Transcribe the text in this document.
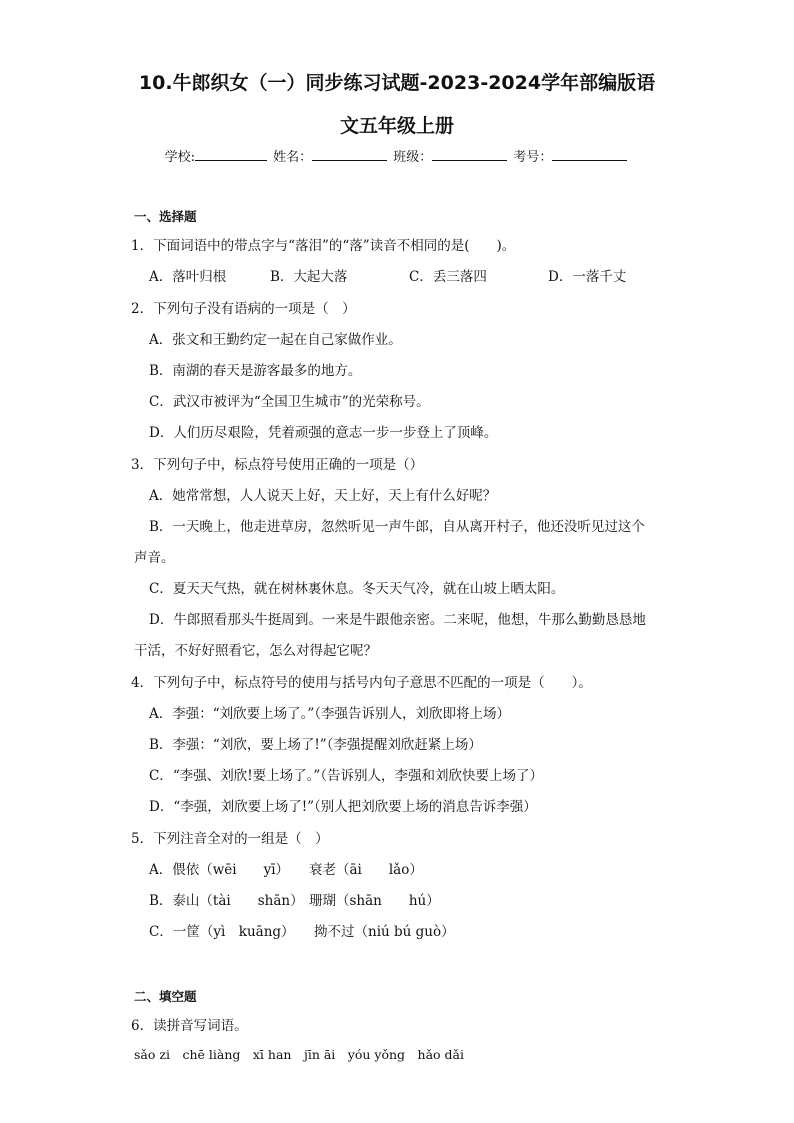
10.牛郎织女（一）同步练习试题-2023-2024学年部编版语
文五年级上册
学校:	姓名：	班级：	考号：
一、选择题
1．下面词语中的带点字与“落泪”的“落”读音不相同的是(　　)。
A．落叶归根	B．大起大落	C．丢三落四	D．一落千丈
2．下列句子没有语病的一项是（　）
A．张文和王勤约定一起在自己家做作业。
B．南湖的春天是游客最多的地方。
C．武汉市被评为“全国卫生城市”的光荣称号。
D．人们历尽艰险，凭着顽强的意志一步一步登上了顶峰。
3．下列句子中，标点符号使用正确的一项是（）
A．她常常想，人人说天上好，天上好，天上有什么好呢？
B．一天晚上，他走进草房，忽然听见一声牛郎，自从离开村子，他还没听见过这个
声音。
C．夏天天气热，就在树林裏休息。冬天天气冷，就在山坡上晒太阳。
D．牛郎照看那头牛挺周到。一来是牛跟他亲密。二来呢，他想，牛那么勤勤恳恳地
干活，不好好照看它，怎么对得起它呢？
4．下列句子中，标点符号的使用与括号内句子意思不匹配的一项是（　　）。
A．李强：“刘欣要上场了。”（李强告诉别人，刘欣即将上场）
B．李强：“刘欣，要上场了!”（李强提醒刘欣赶紧上场）
C．“李强、刘欣!要上场了。”（告诉别人，李强和刘欣快要上场了）
D．“李强，刘欣要上场了!”（别人把刘欣要上场的消息告诉李强）
5．下列注音全对的一组是（　）
A．偎依（wēi　　yī） 衰老（āi　　lǎo）
B．泰山（tài　　shān） 珊瑚（shān　　hú）
C．一筐（yì　kuāng） 拗不过（niú bú guò）
二、填空题
6．读拼音写词语。
sǎo zi　chē liàng　xī han　jīn āi　yóu yǒng　hǎo dǎi
